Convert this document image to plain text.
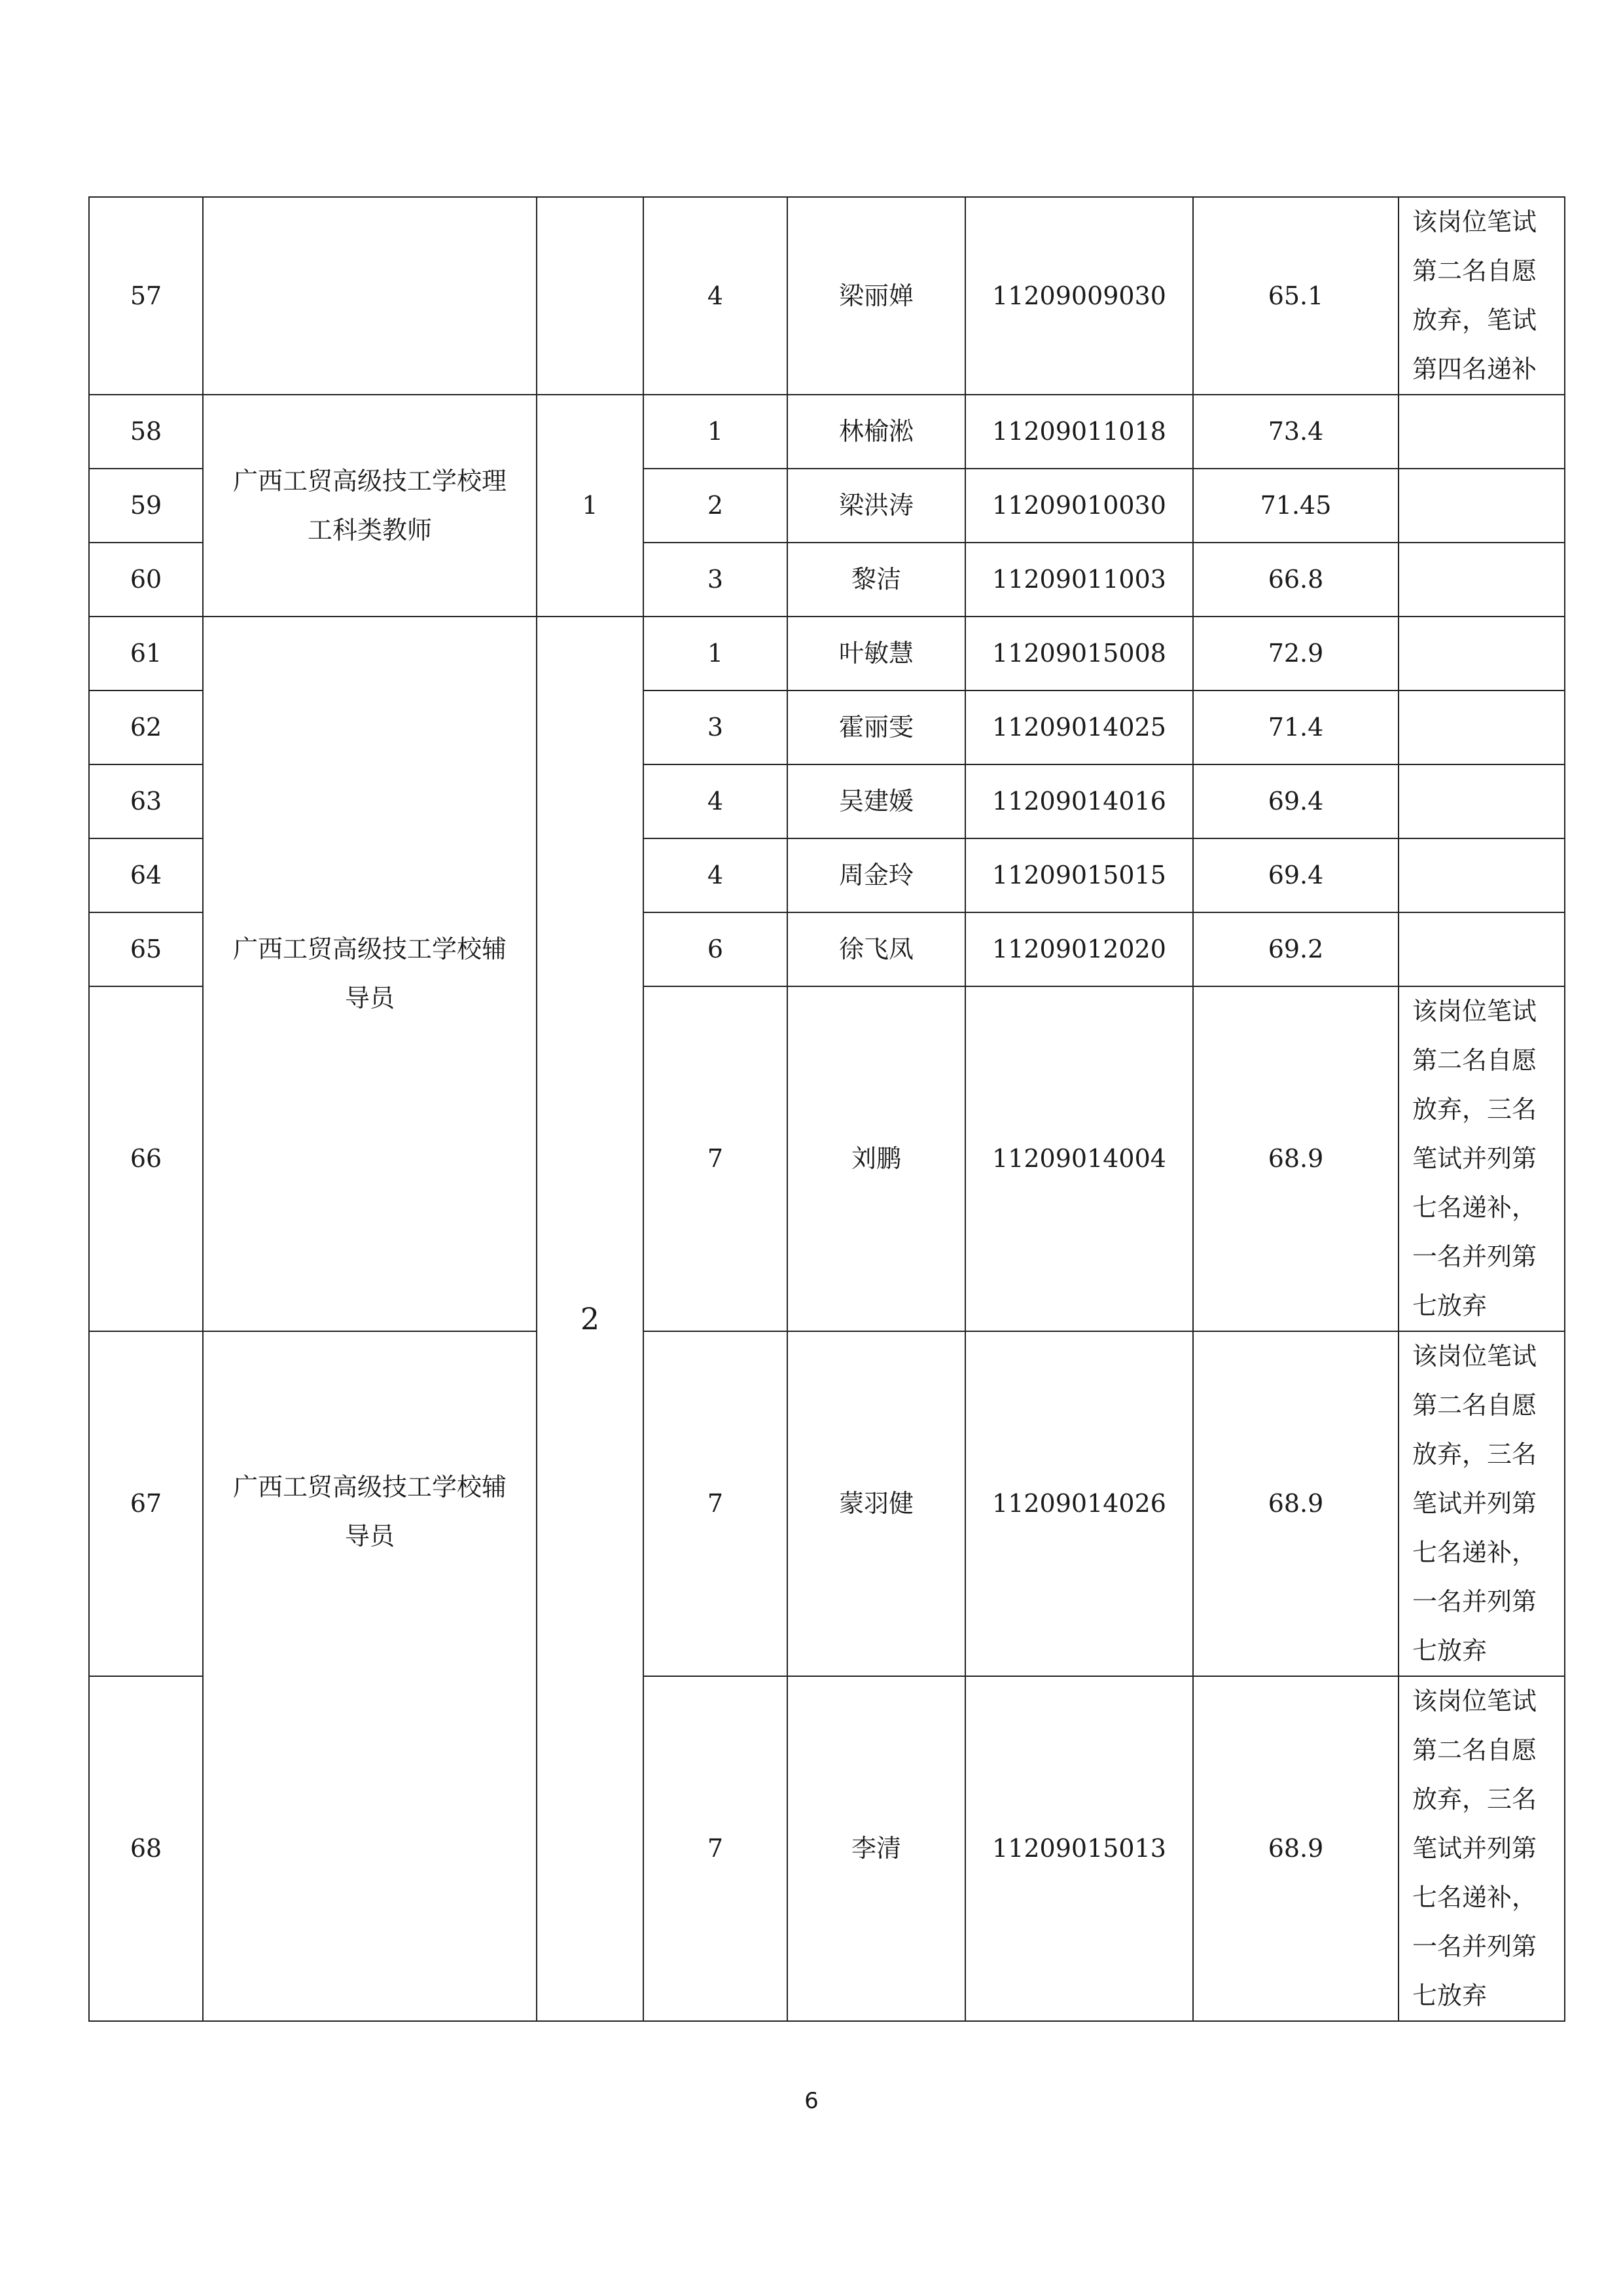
57			4	梁丽婵	11209009030	65.1	该岗位笔试第二名自愿放弃，笔试第四名递补
58	广西工贸高级技工学校理工科类教师	1	1	林榆淞	11209011018	73.4	
59			2	梁洪涛	11209010030	71.45	
60			3	黎洁	11209011003	66.8	
61	广西工贸高级技工学校辅导员	2	1	叶敏慧	11209015008	72.9	
62			3	霍丽雯	11209014025	71.4	
63			4	吴建媛	11209014016	69.4	
64			4	周金玲	11209015015	69.4	
65			6	徐飞凤	11209012020	69.2	
66			7	刘鹏	11209014004	68.9	该岗位笔试第二名自愿放弃，三名笔试并列第七名递补，一名并列第七放弃
67	广西工贸高级技工学校辅导员		7	蒙羽健	11209014026	68.9	该岗位笔试第二名自愿放弃，三名笔试并列第七名递补，一名并列第七放弃
68			7	李清	11209015013	68.9	该岗位笔试第二名自愿放弃，三名笔试并列第七名递补，一名并列第七放弃
6
